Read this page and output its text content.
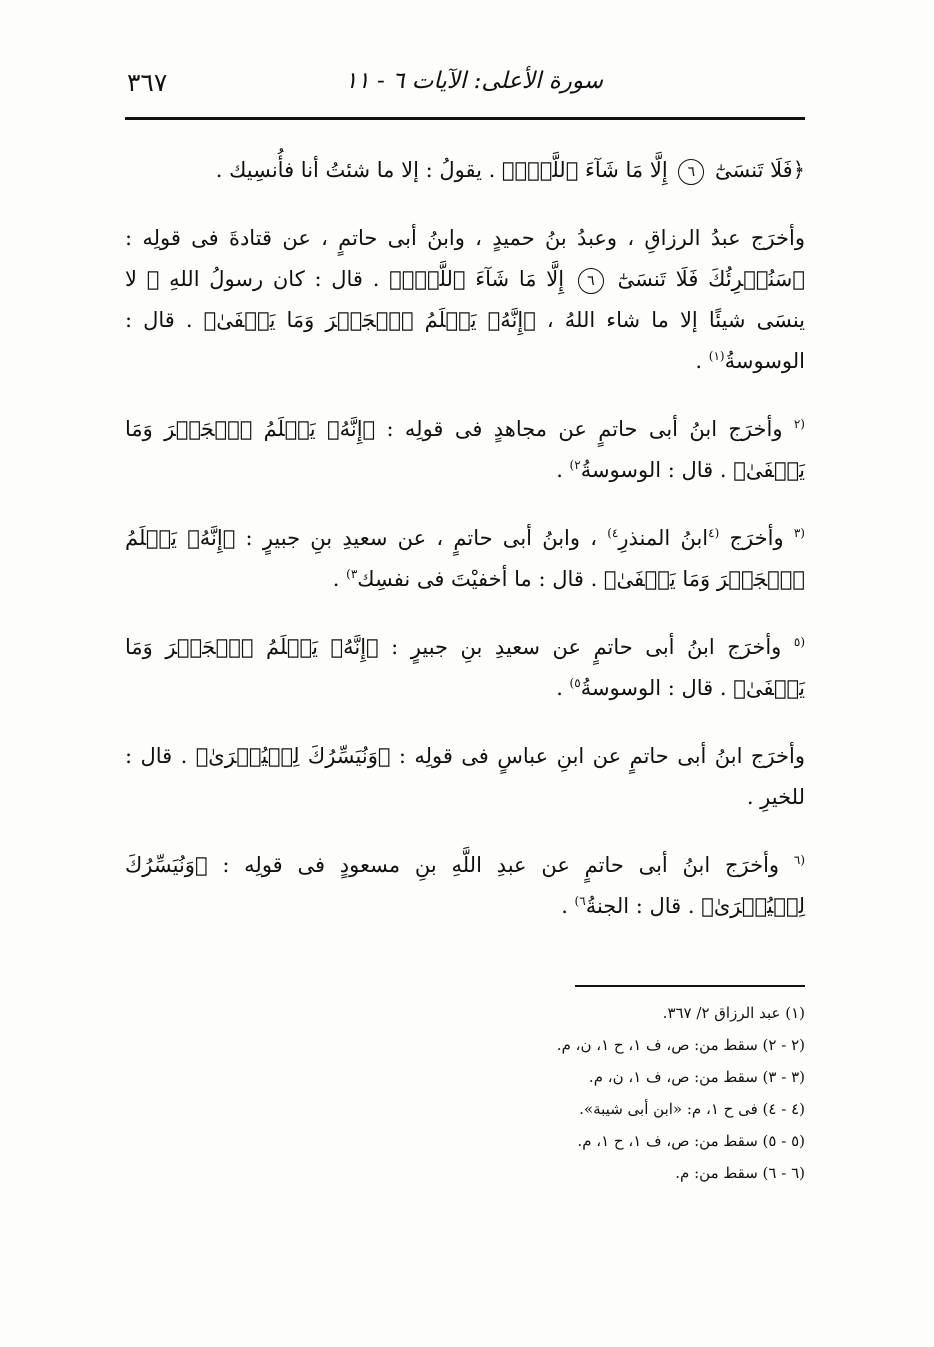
٣٦٧	سورة الأعلى: الآيات ٦ - ١١

﴿فَلَا تَنسَىٰٓ ٦ إِلَّا مَا شَآءَ ٱللَّهُۚ﴾ . يقولُ : إلا ما شئتُ أنا فأُنسِيك .

وأخرَج عبدُ الرزاقِ ، وعبدُ بنُ حميدٍ ، وابنُ أبى حاتمٍ ، عن قتادةَ فى قولِه : ﴿سَنُقۡرِئُكَ فَلَا تَنسَىٰٓ ٦ إِلَّا مَا شَآءَ ٱللَّهُۚ﴾ . قال : كان رسولُ اللهِ ﷺ لا ينسَى شيئًا إلا ما شاء اللهُ ، ﴿إِنَّهُۥ يَعۡلَمُ ٱلۡجَهۡرَ وَمَا يَخۡفَىٰ﴾ . قال : الوسوسةُ$^{(١)}$ .

$^{(٢}$ وأخرَج ابنُ أبى حاتمٍ عن مجاهدٍ فى قولِه : ﴿إِنَّهُۥ يَعۡلَمُ ٱلۡجَهۡرَ وَمَا يَخۡفَىٰ﴾ . قال : الوسوسةُ$^{٢)}$ .

$^{(٣}$ وأخرَج $^{(٤}$ابنُ المنذرِ$^{٤)}$ ، وابنُ أبى حاتمٍ ، عن سعيدِ بنِ جبيرٍ : ﴿إِنَّهُۥ يَعۡلَمُ ٱلۡجَهۡرَ وَمَا يَخۡفَىٰ﴾ . قال : ما أخفيْتَ فى نفسِك$^{٣)}$ .

$^{(٥}$ وأخرَج ابنُ أبى حاتمٍ عن سعيدِ بنِ جبيرٍ : ﴿إِنَّهُۥ يَعۡلَمُ ٱلۡجَهۡرَ وَمَا يَخۡفَىٰ﴾ . قال : الوسوسةُ$^{٥)}$ .

وأخرَج ابنُ أبى حاتمٍ عن ابنِ عباسٍ فى قولِه : ﴿وَنُيَسِّرُكَ لِلۡيُسۡرَىٰ﴾ . قال : للخيرِ .

$^{(٦}$ وأخرَج ابنُ أبى حاتمٍ عن عبدِ اللَّهِ بنِ مسعودٍ فى قولِه : ﴿وَنُيَسِّرُكَ لِلۡيُسۡرَىٰ﴾ . قال : الجنةُ$^{٦)}$ .

(١) عبد الرزاق ٢/ ٣٦٧.

(٢ - ٢) سقط من: ص، ف ١، ح ١، ن، م.

(٣ - ٣) سقط من: ص، ف ١، ن، م.

(٤ - ٤) فى ح ١، م: «ابن أبى شيبة».

(٥ - ٥) سقط من: ص، ف ١، ح ١، م.

(٦ - ٦) سقط من: م.
